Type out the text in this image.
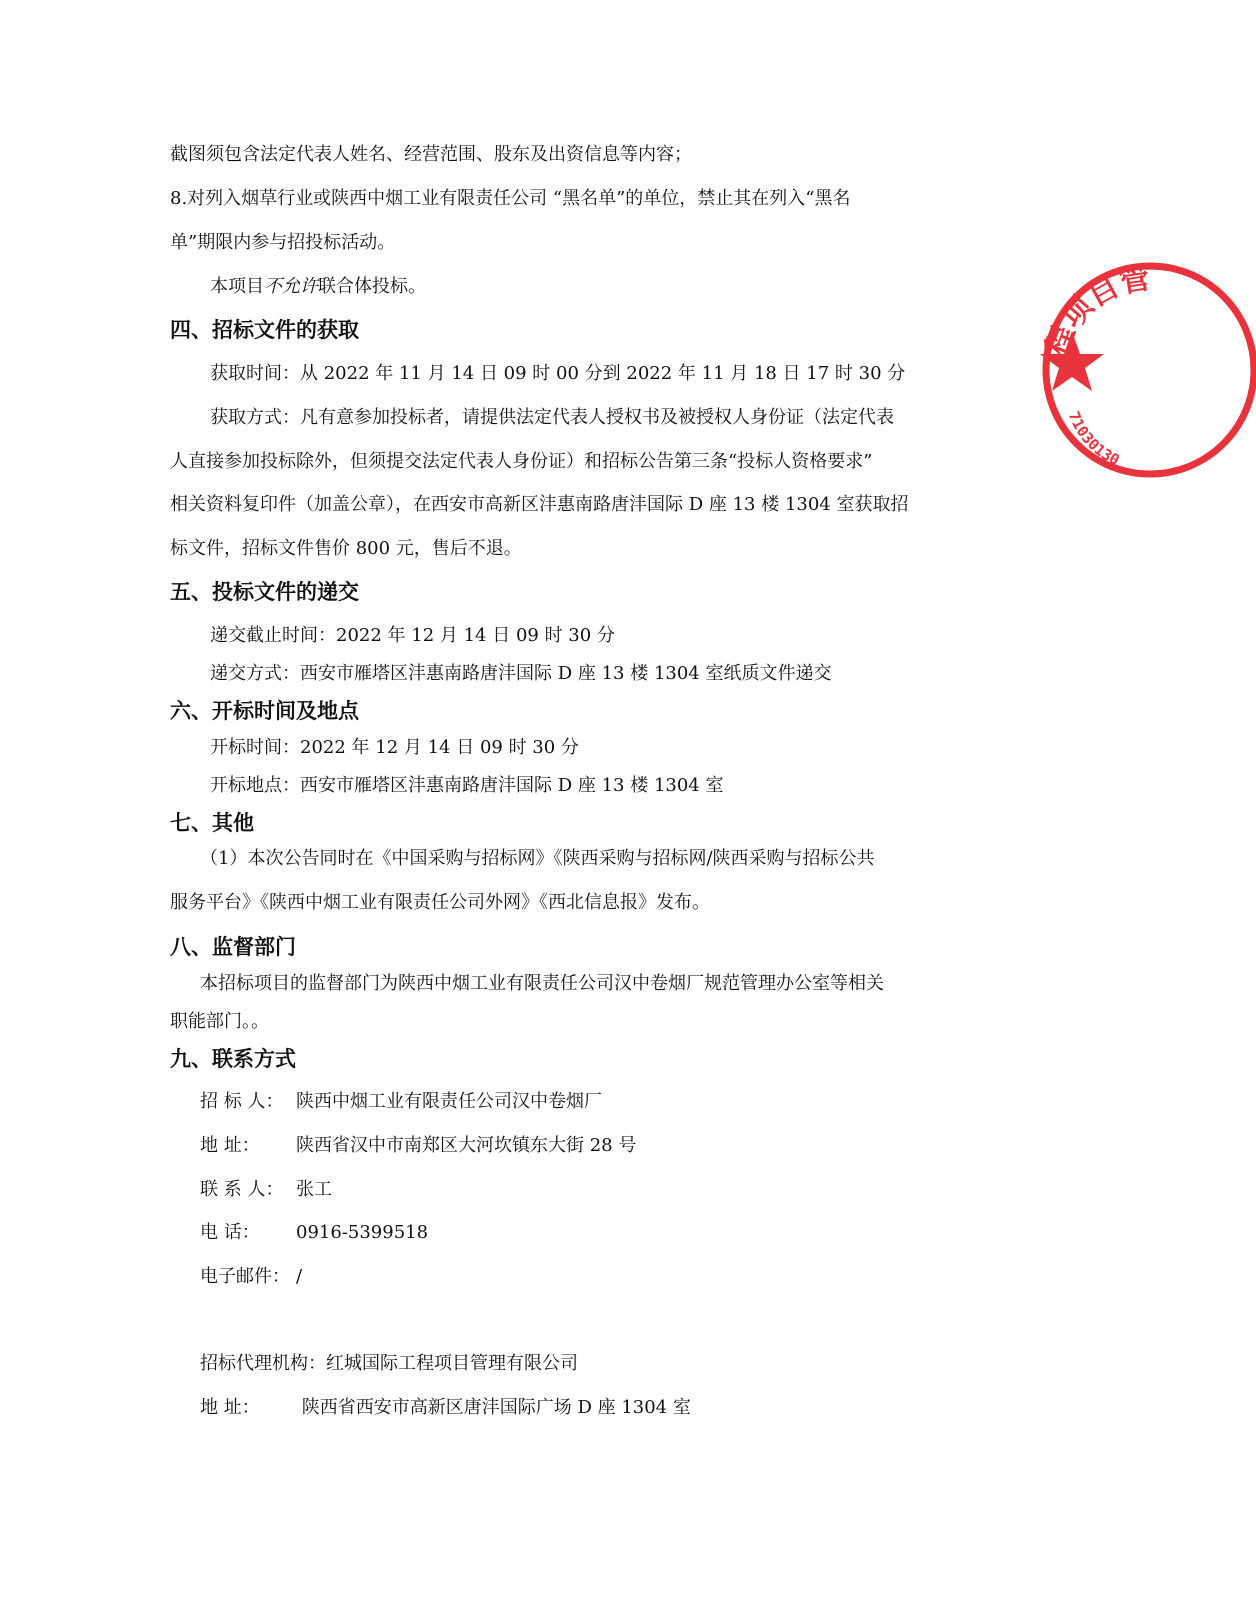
截图须包含法定代表人姓名、经营范围、股东及出资信息等内容；
8.对列入烟草行业或陕西中烟工业有限责任公司 “黑名单”的单位，禁止其在列入“黑名
单”期限内参与招投标活动。
本项目不允许联合体投标。
四、招标文件的获取
获取时间：从 2022 年 11 月 14 日 09 时 00 分到 2022 年 11 月 18 日 17 时 30 分
获取方式：凡有意参加投标者，请提供法定代表人授权书及被授权人身份证（法定代表
人直接参加投标除外，但须提交法定代表人身份证）和招标公告第三条“投标人资格要求”
相关资料复印件（加盖公章），在西安市高新区沣惠南路唐沣国际 D 座 13 楼 1304 室获取招
标文件，招标文件售价 800 元，售后不退。
五、投标文件的递交
递交截止时间：2022 年 12 月 14 日 09 时 30 分
递交方式：西安市雁塔区沣惠南路唐沣国际 D 座 13 楼 1304 室纸质文件递交
六、开标时间及地点
开标时间：2022 年 12 月 14 日 09 时 30 分
开标地点：西安市雁塔区沣惠南路唐沣国际 D 座 13 楼 1304 室
七、其他
（1）本次公告同时在《中国采购与招标网》《陕西采购与招标网/陕西采购与招标公共
服务平台》《陕西中烟工业有限责任公司外网》《西北信息报》发布。
八、监督部门
本招标项目的监督部门为陕西中烟工业有限责任公司汉中卷烟厂规范管理办公室等相关
职能部门。。
九、联系方式
招 标 人： 陕西中烟工业有限责任公司汉中卷烟厂
地 址： 陕西省汉中市南郑区大河坎镇东大街 28 号
联 系 人： 张工
电 话： 0916-5399518
电子邮件： /
招标代理机构：红城国际工程项目管理有限公司
地 址： 陕西省西安市高新区唐沣国际广场 D 座 1304 室
程项目管
71030130
